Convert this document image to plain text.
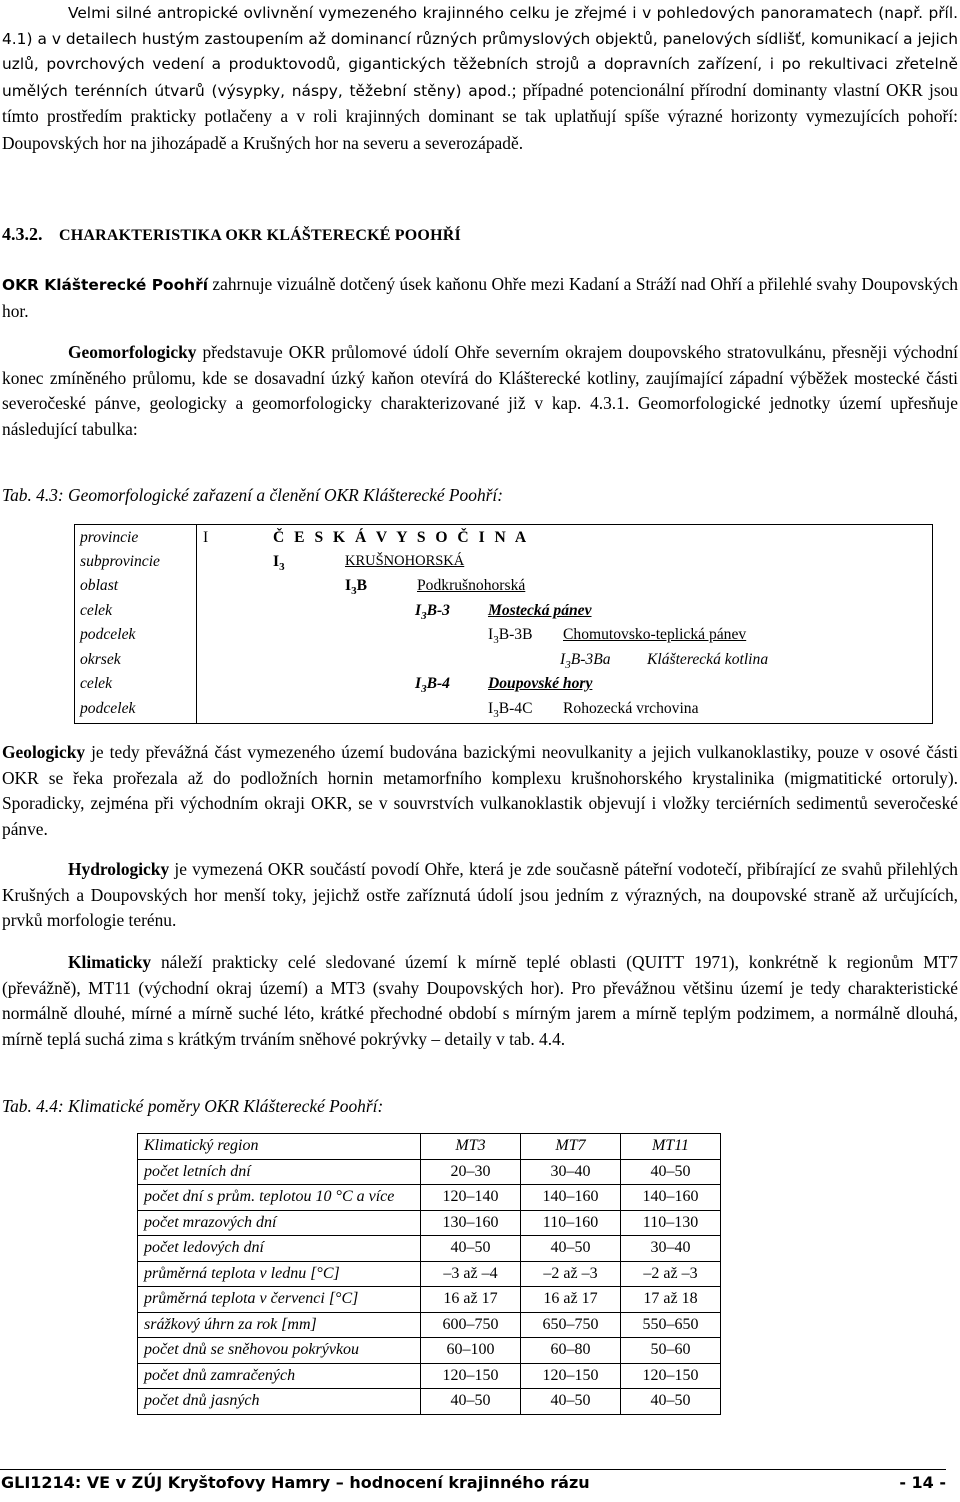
Velmi silné antropické ovlivnění vymezeného krajinného celku je zřejmé i v pohledových panoramatech (např. příl. 4.1) a v detailech hustým zastoupením až dominancí různých průmyslových objektů, panelových sídlišť, komunikací a jejich uzlů, povrchových vedení a produktovodů, gigantických těžebních strojů a dopravních zařízení, i po rekultivaci zřetelně umělých terénních útvarů (výsypky, náspy, těžební stěny) apod.; případné potencionální přírodní dominanty vlastní OKR jsou tímto prostředím prakticky potlačeny a v roli krajinných dominant se tak uplatňují spíše výrazné horizonty vymezujících pohoří: Doupovských hor na jihozápadě a Krušných hor na severu a severozápadě.

4.3.2. CHARAKTERISTIKA OKR KLÁŠTERECKÉ POOHŘÍ

OKR Klášterecké Poohří zahrnuje vizuálně dotčený úsek kaňonu Ohře mezi Kadaní a Stráží nad Ohří a přilehlé svahy Doupovských hor.

Geomorfologicky představuje OKR průlomové údolí Ohře severním okrajem doupovského stratovulkánu, přesněji východní konec zmíněného průlomu, kde se dosavadní úzký kaňon otevírá do Klášterecké kotliny, zaujímající západní výběžek mostecké části severočeské pánve, geologicky a geomorfologicky charakterizované již v kap. 4.3.1. Geomorfologické jednotky území upřesňuje následující tabulka:

Tab. 4.3: Geomorfologické zařazení a členění OKR Klášterecké Poohří:
provincie	I	Č E S K Á V Y S O Č I N A
subprovincie	$I_3$	KRUŠNOHORSKÁ
oblast	$I_3B$	Podkrušnohorská
celek	$I_3B-3$ Mostecká pánev
podcelek	$I_3B-3B$ Chomutovsko-teplická pánev
okrsek	$I_3B-3Ba$ Klášterecká kotlina
celek	$I_3B-4$ Doupovské hory
podcelek	$I_3B-4C$ Rohozecká vrchovina

Geologicky je tedy převážná část vymezeného území budována bazickými neovulkanity a jejich vulkanoklastiky, pouze v osové části OKR se řeka prořezala až do podložních hornin metamorfního komplexu krušnohorského krystalinika (migmatitické ortoruly). Sporadicky, zejména při východním okraji OKR, se v souvrstvích vulkanoklastik objevují i vložky terciérních sedimentů severočeské pánve.

Hydrologicky je vymezená OKR součástí povodí Ohře, která je zde současně páteřní vodotečí, přibírající ze svahů přilehlých Krušných a Doupovských hor menší toky, jejichž ostře zaříznutá údolí jsou jedním z výrazných, na doupovské straně až určujících, prvků morfologie terénu.

Klimaticky náleží prakticky celé sledované území k mírně teplé oblasti (QUITT 1971), konkrétně k regionům MT7 (převážně), MT11 (východní okraj území) a MT3 (svahy Doupovských hor). Pro převážnou většinu území je tedy charakteristické normálně dlouhé, mírné a mírně suché léto, krátké přechodné období s mírným jarem a mírně teplým podzimem, a normálně dlouhá, mírně teplá suchá zima s krátkým trváním sněhové pokrývky – detaily v tab. 4.4.

Tab. 4.4: Klimatické poměry OKR Klášterecké Poohří:
Klimatický region	MT3	MT7	MT11
počet letních dní	20–30	30–40	40–50
počet dní s prům. teplotou 10 °C a více	120–140	140–160	140–160
počet mrazových dní	130–160	110–160	110–130
počet ledových dní	40–50	40–50	30–40
průměrná teplota v lednu [°C]	–3 až –4	–2 až –3	–2 až –3
průměrná teplota v červenci [°C]	16 až 17	16 až 17	17 až 18
srážkový úhrn za rok [mm]	600–750	650–750	550–650
počet dnů se sněhovou pokrývkou	60–100	60–80	50–60
počet dnů zamračených	120–150	120–150	120–150
počet dnů jasných	40–50	40–50	40–50
GLI1214: VE v ZÚJ Kryštofovy Hamry – hodnocení krajinného rázu	- 14 -
